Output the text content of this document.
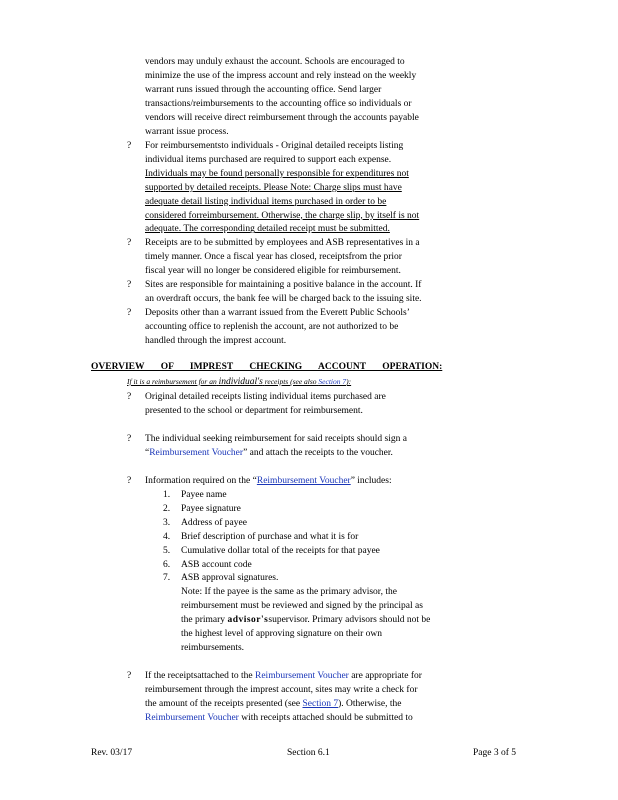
vendors may unduly exhaust the account. Schools are encouraged to

minimize the use of the impress account and rely instead on the weekly

warrant runs issued through the accounting office. Send larger

transactions/reimbursements to the accounting office so individuals or

vendors will receive direct reimbursement through the accounts payable

warrant issue process.

? For reimbursementsto individuals - Original detailed receipts listing

individual items purchased are required to support each expense.

Individuals may be found personally responsible for expenditures not

supported by detailed receipts. Please Note: Charge slips must have

adequate detail listing individual items purchased in order to be

considered forreimbursement. Otherwise, the charge slip, by itself is not

adequate. The corresponding detailed receipt must be submitted.

? Receipts are to be submitted by employees and ASB representatives in a

timely manner. Once a fiscal year has closed, receiptsfrom the prior

fiscal year will no longer be considered eligible for reimbursement.

? Sites are responsible for maintaining a positive balance in the account. If

an overdraft occurs, the bank fee will be charged back to the issuing site.

? Deposits other than a warrant issued from the Everett Public Schools’

accounting office to replenish the account, are not authorized to be

handled through the imprest account.

OVERVIEW OF IMPREST CHECKING ACCOUNT OPERATION:
If it is a reimbursement for an individual's receipts (see also Section 7):
? Original detailed receipts listing individual items purchased are

presented to the school or department for reimbursement.

? The individual seeking reimbursement for said receipts should sign a

“Reimbursement Voucher” and attach the receipts to the voucher.

? Information required on the “Reimbursement Voucher” includes:

1. Payee name
2. Payee signature
3. Address of payee
4. Brief description of purchase and what it is for
5. Cumulative dollar total of the receipts for that payee
6. ASB account code
7. ASB approval signatures.

Note: If the payee is the same as the primary advisor, the

reimbursement must be reviewed and signed by the principal as

the primary advisor'ssupervisor. Primary advisors should not be

the highest level of approving signature on their own

reimbursements.

? If the receiptsattached to the Reimbursement Voucher are appropriate for

reimbursement through the imprest account, sites may write a check for

the amount of the receipts presented (see Section 7). Otherwise, the

Reimbursement Voucher with receipts attached should be submitted to

Rev. 03/17	Section 6.1	Page 3 of 5
